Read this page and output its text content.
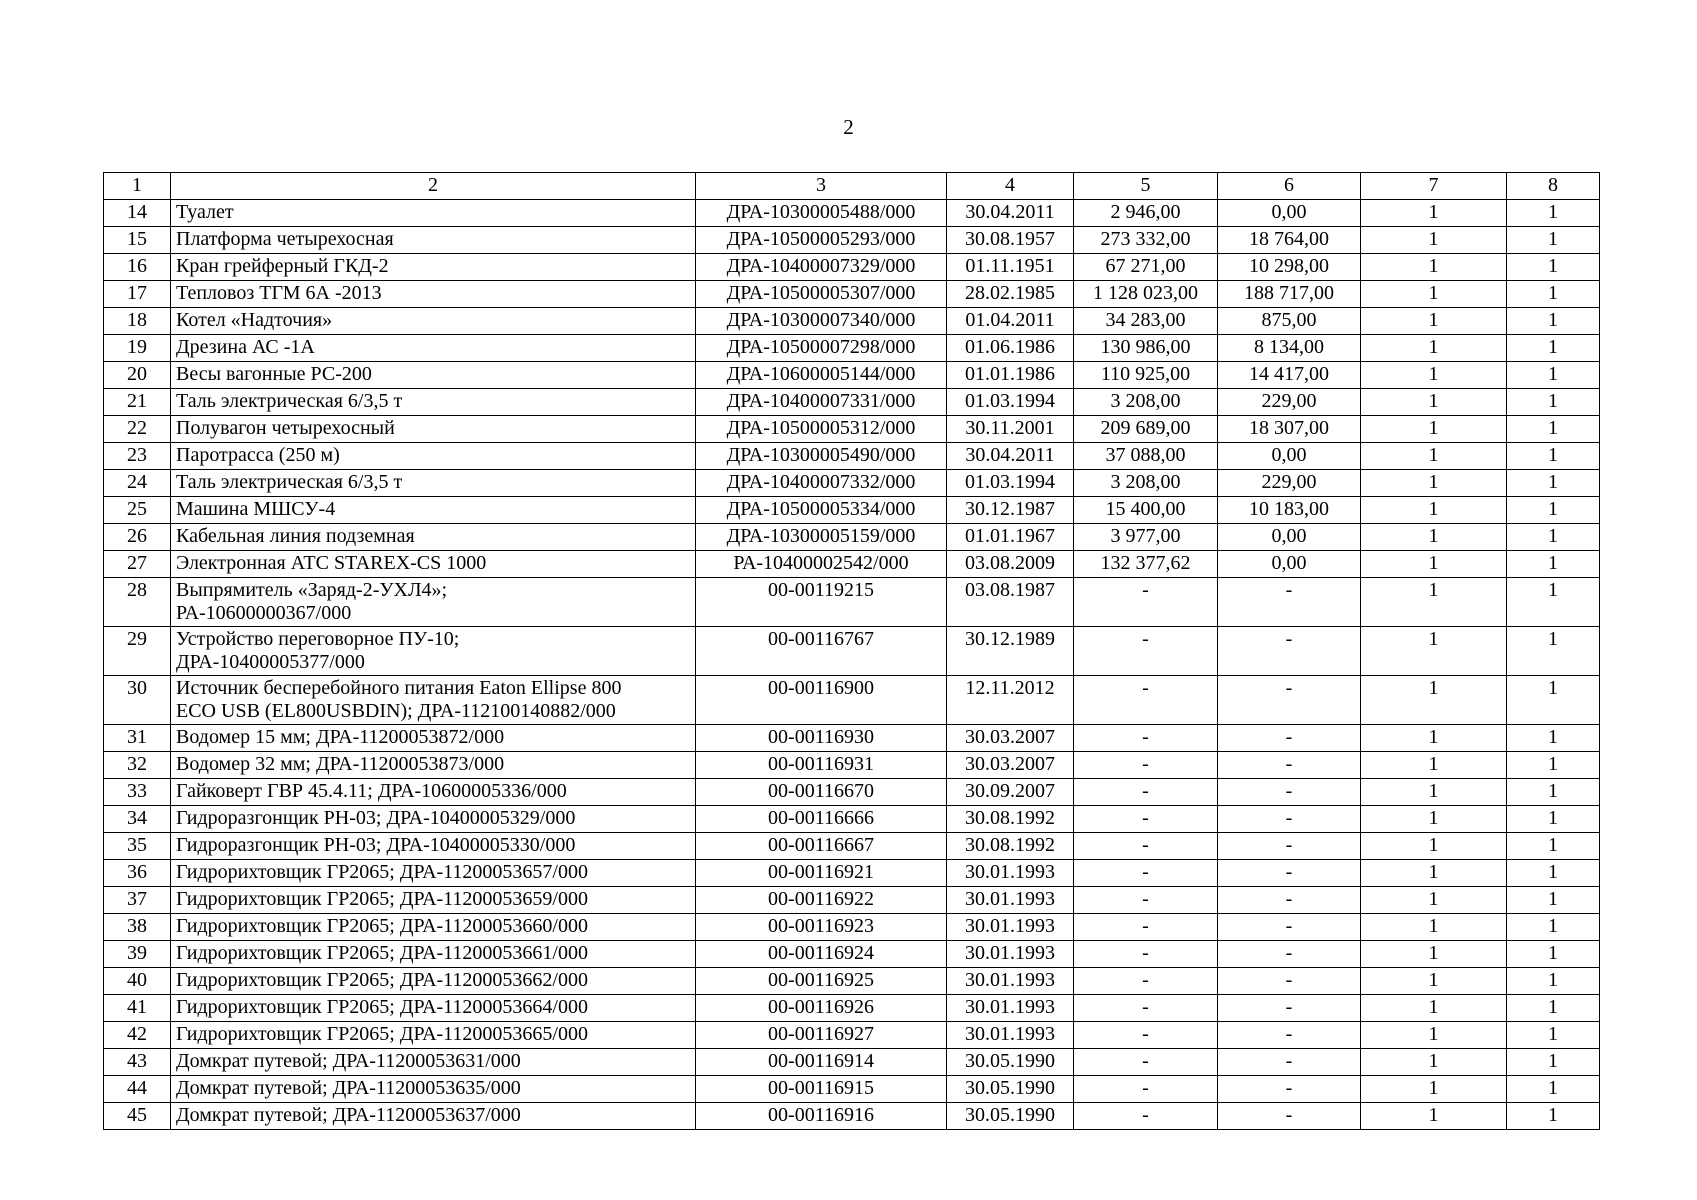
2
1	2	3	4	5	6	7	8
14	Туалет	ДРА-10300005488/000	30.04.2011	2 946,00	0,00	1	1
15	Платформа четырехосная	ДРА-10500005293/000	30.08.1957	273 332,00	18 764,00	1	1
16	Кран грейферный ГКД-2	ДРА-10400007329/000	01.11.1951	67 271,00	10 298,00	1	1
17	Тепловоз ТГМ 6А -2013	ДРА-10500005307/000	28.02.1985	1 128 023,00	188 717,00	1	1
18	Котел «Надточия»	ДРА-10300007340/000	01.04.2011	34 283,00	875,00	1	1
19	Дрезина АС -1А	ДРА-10500007298/000	01.06.1986	130 986,00	8 134,00	1	1
20	Весы вагонные РС-200	ДРА-10600005144/000	01.01.1986	110 925,00	14 417,00	1	1
21	Таль электрическая 6/3,5 т	ДРА-10400007331/000	01.03.1994	3 208,00	229,00	1	1
22	Полувагон четырехосный	ДРА-10500005312/000	30.11.2001	209 689,00	18 307,00	1	1
23	Паротрасса (250 м)	ДРА-10300005490/000	30.04.2011	37 088,00	0,00	1	1
24	Таль электрическая 6/3,5 т	ДРА-10400007332/000	01.03.1994	3 208,00	229,00	1	1
25	Машина МШСУ-4	ДРА-10500005334/000	30.12.1987	15 400,00	10 183,00	1	1
26	Кабельная линия подземная	ДРА-10300005159/000	01.01.1967	3 977,00	0,00	1	1
27	Электронная АТС STAREX-CS 1000	РА-10400002542/000	03.08.2009	132 377,62	0,00	1	1
28	Выпрямитель «Заряд-2-УХЛ4»;
РА-10600000367/000	00-00119215	03.08.1987	-	-	1	1
29	Устройство переговорное ПУ-10;
ДРА-10400005377/000	00-00116767	30.12.1989	-	-	1	1
30	Источник бесперебойного питания Eaton Ellipse 800
ECO USB (EL800USBDIN); ДРА-112100140882/000	00-00116900	12.11.2012	-	-	1	1
31	Водомер 15 мм; ДРА-11200053872/000	00-00116930	30.03.2007	-	-	1	1
32	Водомер 32 мм; ДРА-11200053873/000	00-00116931	30.03.2007	-	-	1	1
33	Гайковерт ГВР 45.4.11; ДРА-10600005336/000	00-00116670	30.09.2007	-	-	1	1
34	Гидроразгонщик РН-03; ДРА-10400005329/000	00-00116666	30.08.1992	-	-	1	1
35	Гидроразгонщик РН-03; ДРА-10400005330/000	00-00116667	30.08.1992	-	-	1	1
36	Гидрорихтовщик ГР2065; ДРА-11200053657/000	00-00116921	30.01.1993	-	-	1	1
37	Гидрорихтовщик ГР2065; ДРА-11200053659/000	00-00116922	30.01.1993	-	-	1	1
38	Гидрорихтовщик ГР2065; ДРА-11200053660/000	00-00116923	30.01.1993	-	-	1	1
39	Гидрорихтовщик ГР2065; ДРА-11200053661/000	00-00116924	30.01.1993	-	-	1	1
40	Гидрорихтовщик ГР2065; ДРА-11200053662/000	00-00116925	30.01.1993	-	-	1	1
41	Гидрорихтовщик ГР2065; ДРА-11200053664/000	00-00116926	30.01.1993	-	-	1	1
42	Гидрорихтовщик ГР2065; ДРА-11200053665/000	00-00116927	30.01.1993	-	-	1	1
43	Домкрат путевой; ДРА-11200053631/000	00-00116914	30.05.1990	-	-	1	1
44	Домкрат путевой; ДРА-11200053635/000	00-00116915	30.05.1990	-	-	1	1
45	Домкрат путевой; ДРА-11200053637/000	00-00116916	30.05.1990	-	-	1	1
